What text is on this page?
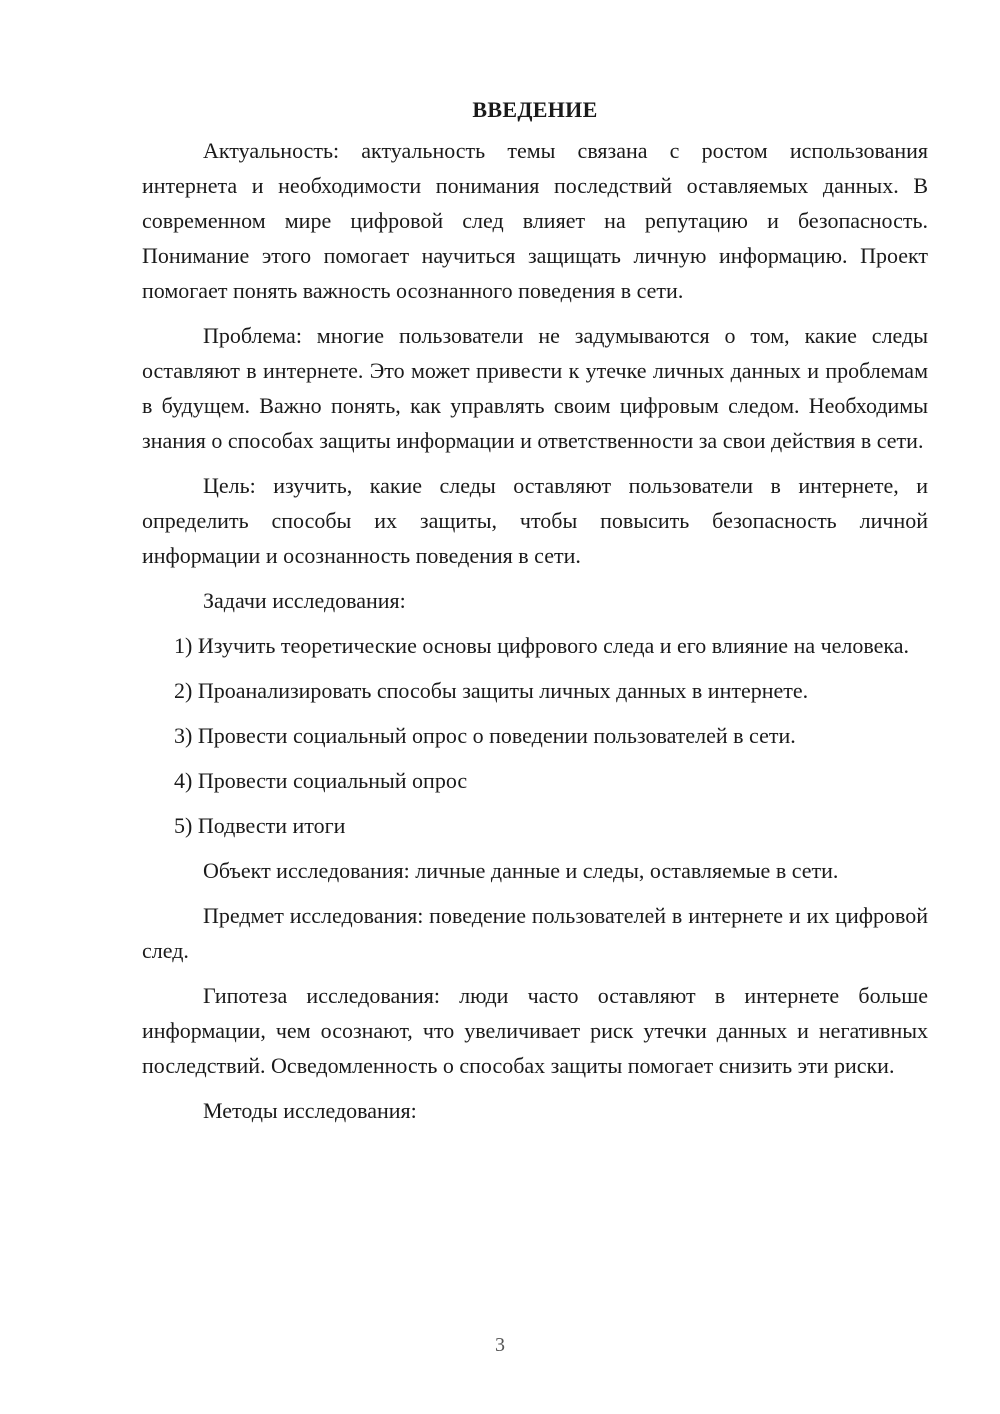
ВВЕДЕНИЕ

Актуальность: актуальность темы связана с ростом использования интернета и необходимости понимания последствий оставляемых данных. В современном мире цифровой след влияет на репутацию и безопасность. Понимание этого помогает научиться защищать личную информацию. Проект помогает понять важность осознанного поведения в сети.

Проблема: многие пользователи не задумываются о том, какие следы оставляют в интернете. Это может привести к утечке личных данных и проблемам в будущем. Важно понять, как управлять своим цифровым следом. Необходимы знания о способах защиты информации и ответственности за свои действия в сети.

Цель: изучить, какие следы оставляют пользователи в интернете, и определить способы их защиты, чтобы повысить безопасность личной информации и осознанность поведения в сети.

Задачи исследования:

1) Изучить теоретические основы цифрового следа и его влияние на человека.

2) Проанализировать способы защиты личных данных в интернете.

3) Провести социальный опрос о поведении пользователей в сети.

4) Провести социальный опрос

5) Подвести итоги

Объект исследования: личные данные и следы, оставляемые в сети.

Предмет исследования: поведение пользователей в интернете и их цифровой след.

Гипотеза исследования: люди часто оставляют в интернете больше информации, чем осознают, что увеличивает риск утечки данных и негативных последствий. Осведомленность о способах защиты помогает снизить эти риски.

Методы исследования:

3
